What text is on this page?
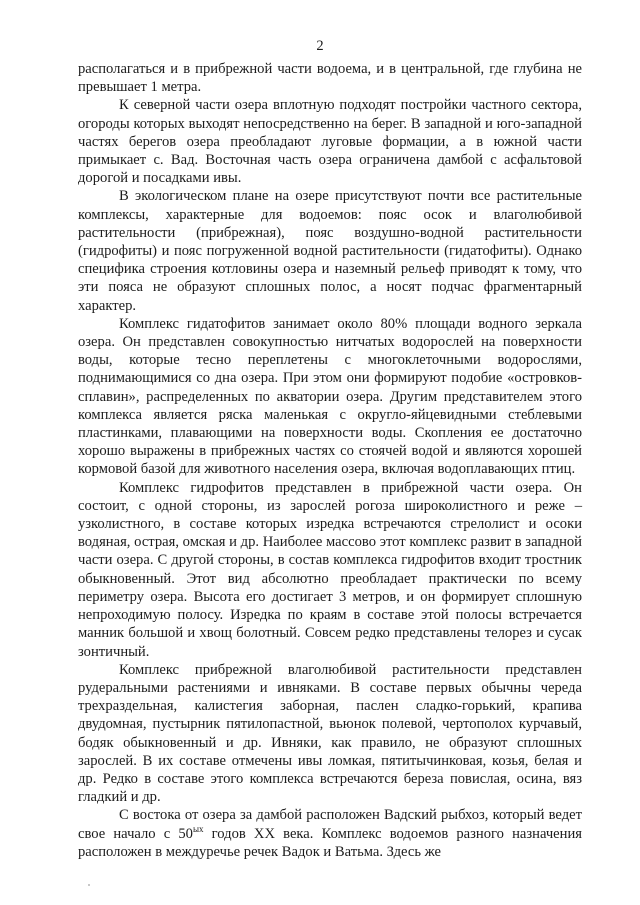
2

располагаться и в прибрежной части водоема, и в центральной, где глубина не превышает 1 метра.

К северной части озера вплотную подходят постройки частного сектора, огороды которых выходят непосредственно на берег. В западной и юго-западной частях берегов озера преобладают луговые формации, а в южной части примыкает с. Вад. Восточная часть озера ограничена дамбой с асфальтовой дорогой и посадками ивы.

В экологическом плане на озере присутствуют почти все растительные комплексы, характерные для водоемов: пояс осок и влаголюбивой растительности (прибрежная), пояс воздушно-водной растительности (гидрофиты) и пояс погруженной водной растительности (гидатофиты). Однако специфика строения котловины озера и наземный рельеф приводят к тому, что эти пояса не образуют сплошных полос, а носят подчас фрагментарный характер.

Комплекс гидатофитов занимает около 80% площади водного зеркала озера. Он представлен совокупностью нитчатых водорослей на поверхности воды, которые тесно переплетены с многоклеточными водорослями, поднимающимися со дна озера. При этом они формируют подобие «островков-сплавин», распределенных по акватории озера. Другим представителем этого комплекса является ряска маленькая с округло-яйцевидными стеблевыми пластинками, плавающими на поверхности воды. Скопления ее достаточно хорошо выражены в прибрежных частях со стоячей водой и являются хорошей кормовой базой для животного населения озера, включая водоплавающих птиц.

Комплекс гидрофитов представлен в прибрежной части озера. Он состоит, с одной стороны, из зарослей рогоза широколистного и реже – узколистного, в составе которых изредка встречаются стрелолист и осоки водяная, острая, омская и др. Наиболее массово этот комплекс развит в западной части озера. С другой стороны, в состав комплекса гидрофитов входит тростник обыкновенный. Этот вид абсолютно преобладает практически по всему периметру озера. Высота его достигает 3 метров, и он формирует сплошную непроходимую полосу. Изредка по краям в составе этой полосы встречается манник большой и хвощ болотный. Совсем редко представлены телорез и сусак зонтичный.

Комплекс прибрежной влаголюбивой растительности представлен рудеральными растениями и ивняками. В составе первых обычны череда трехраздельная, калистегия заборная, паслен сладко-горький, крапива двудомная, пустырник пятилопастной, вьюнок полевой, чертополох курчавый, бодяк обыкновенный и др. Ивняки, как правило, не образуют сплошных зарослей. В их составе отмечены ивы ломкая, пятитычинковая, козья, белая и др. Редко в составе этого комплекса встречаются береза повислая, осина, вяз гладкий и др.

С востока от озера за дамбой расположен Вадский рыбхоз, который ведет свое начало с $50^{ых}$ годов XX века. Комплекс водоемов разного назначения расположен в междуречье речек Вадок и Ватьма. Здесь же
